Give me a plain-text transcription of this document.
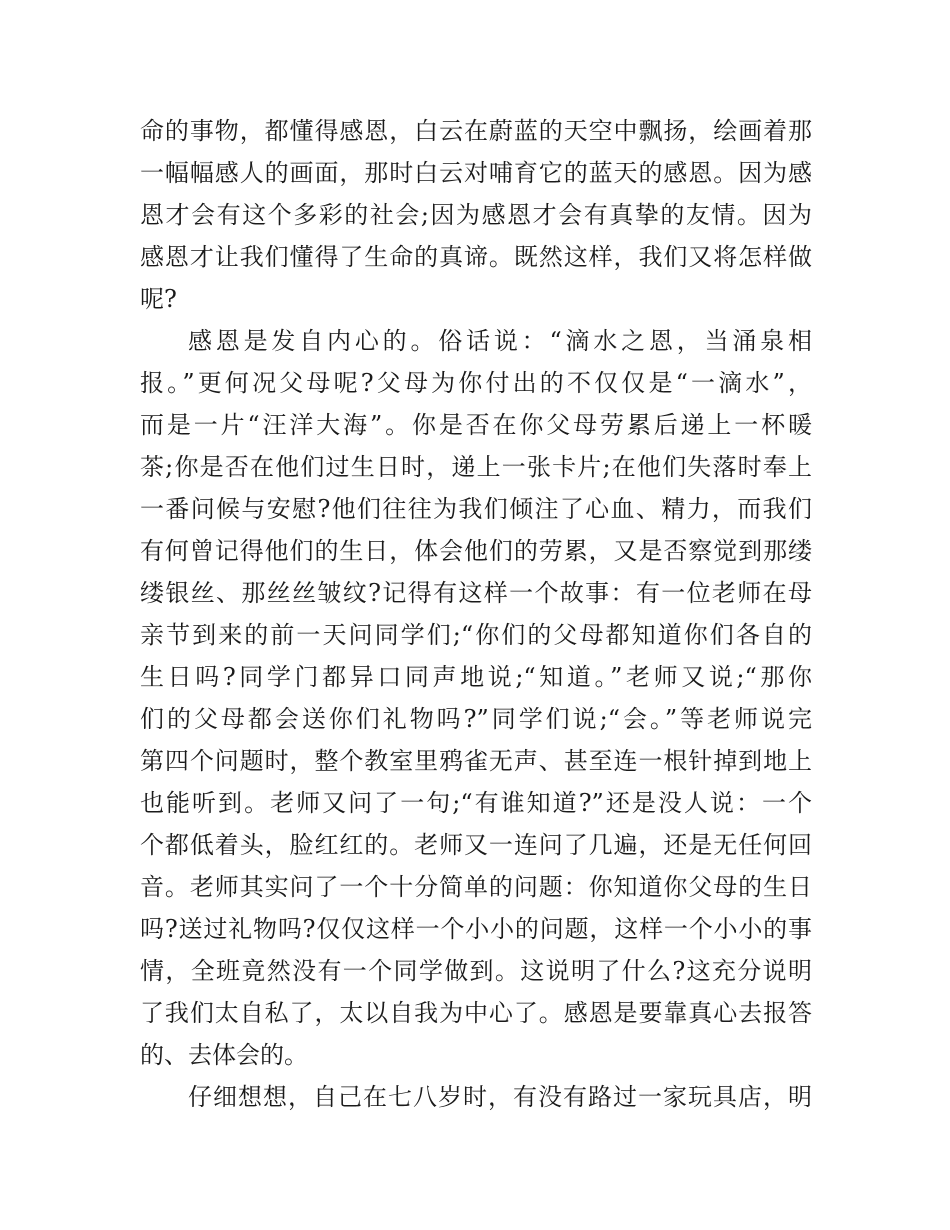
命的事物，都懂得感恩，白云在蔚蓝的天空中飘扬，绘画着那
一幅幅感人的画面，那时白云对哺育它的蓝天的感恩。因为感
恩才会有这个多彩的社会;因为感恩才会有真挚的友情。因为
感恩才让我们懂得了生命的真谛。既然这样，我们又将怎样做
呢?
感恩是发自内心的。俗话说：“滴水之恩，当涌泉相
报。”更何况父母呢?父母为你付出的不仅仅是“一滴水”，
而是一片“汪洋大海”。你是否在你父母劳累后递上一杯暖
茶;你是否在他们过生日时，递上一张卡片;在他们失落时奉上
一番问候与安慰?他们往往为我们倾注了心血、精力，而我们
有何曾记得他们的生日，体会他们的劳累，又是否察觉到那缕
缕银丝、那丝丝皱纹?记得有这样一个故事：有一位老师在母
亲节到来的前一天问同学们;“你们的父母都知道你们各自的
生日吗?同学门都异口同声地说;“知道。”老师又说;“那你
们的父母都会送你们礼物吗?”同学们说;“会。”等老师说完
第四个问题时，整个教室里鸦雀无声、甚至连一根针掉到地上
也能听到。老师又问了一句;“有谁知道?”还是没人说：一个
个都低着头，脸红红的。老师又一连问了几遍，还是无任何回
音。老师其实问了一个十分简单的问题：你知道你父母的生日
吗?送过礼物吗?仅仅这样一个小小的问题，这样一个小小的事
情，全班竟然没有一个同学做到。这说明了什么?这充分说明
了我们太自私了，太以自我为中心了。感恩是要靠真心去报答
的、去体会的。
仔细想想，自己在七八岁时，有没有路过一家玩具店，明
